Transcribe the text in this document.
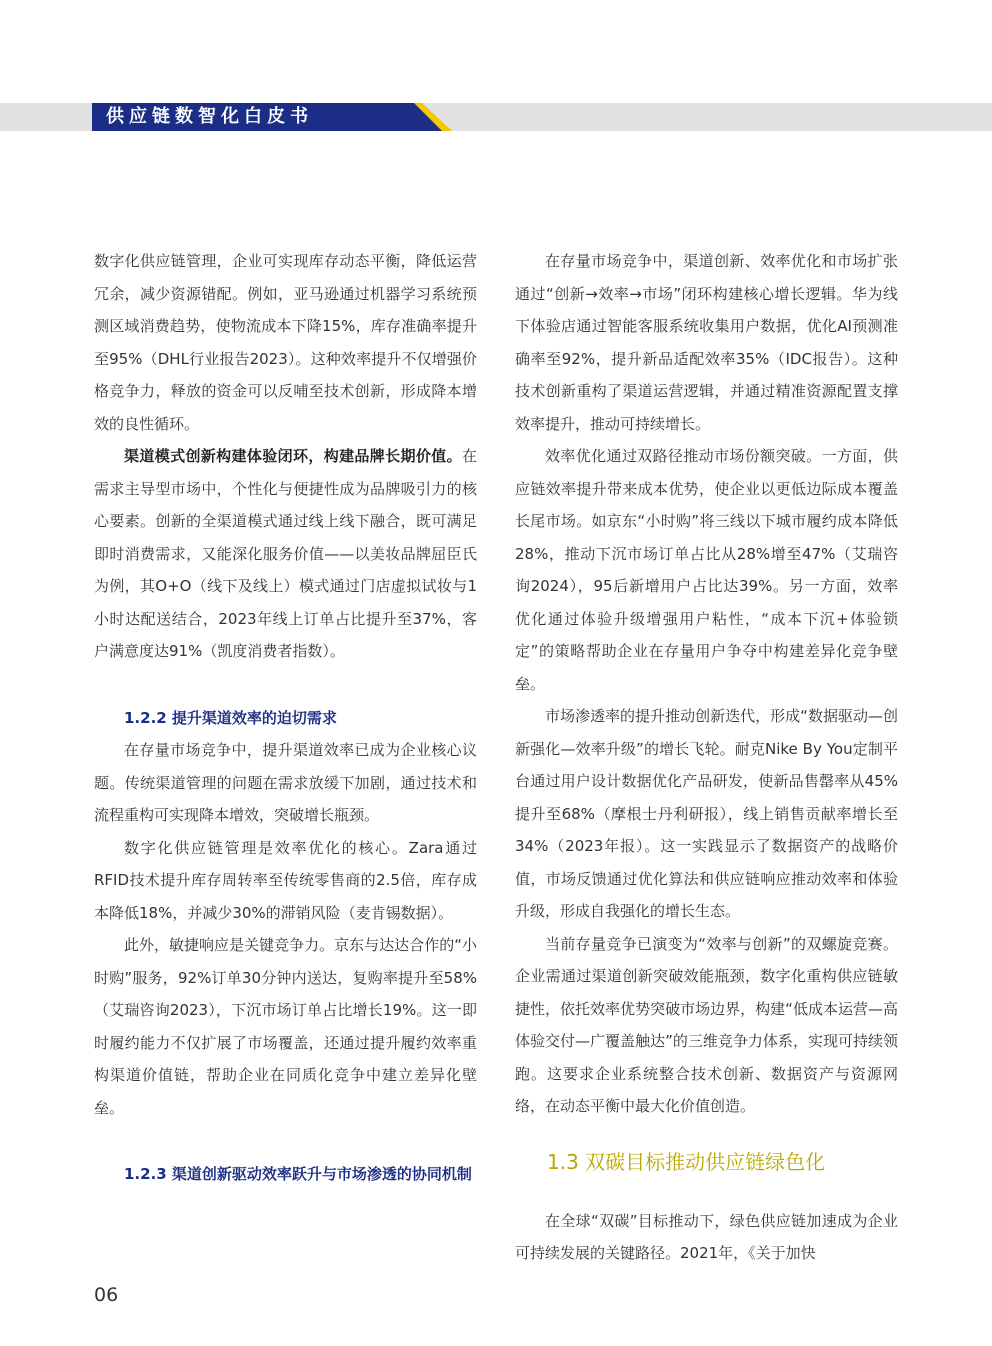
供应链数智化白皮书

数字化供应链管理，企业可实现库存动态平衡，降低运营冗余，减少资源错配。例如，亚马逊通过机器学习系统预测区域消费趋势，使物流成本下降15%，库存准确率提升至95%（DHL行业报告2023）。这种效率提升不仅增强价格竞争力，释放的资金可以反哺至技术创新，形成降本增效的良性循环。

渠道模式创新构建体验闭环，构建品牌长期价值。在需求主导型市场中，个性化与便捷性成为品牌吸引力的核心要素。创新的全渠道模式通过线上线下融合，既可满足即时消费需求，又能深化服务价值——以美妆品牌屈臣氏为例，其O+O（线下及线上）模式通过门店虚拟试妆与1小时达配送结合，2023年线上订单占比提升至37%，客户满意度达91%（凯度消费者指数）。

1.2.2 提升渠道效率的迫切需求

在存量市场竞争中，提升渠道效率已成为企业核心议题。传统渠道管理的问题在需求放缓下加剧，通过技术和流程重构可实现降本增效，突破增长瓶颈。

数字化供应链管理是效率优化的核心。Zara通过RFID技术提升库存周转率至传统零售商的2.5倍，库存成本降低18%，并减少30%的滞销风险（麦肯锡数据）。

此外，敏捷响应是关键竞争力。京东与达达合作的“小时购”服务，92%订单30分钟内送达，复购率提升至58%（艾瑞咨询2023），下沉市场订单占比增长19%。这一即时履约能力不仅扩展了市场覆盖，还通过提升履约效率重构渠道价值链，帮助企业在同质化竞争中建立差异化壁垒。

1.2.3 渠道创新驱动效率跃升与市场渗透的协同机制

在存量市场竞争中，渠道创新、效率优化和市场扩张通过“创新→效率→市场”闭环构建核心增长逻辑。华为线下体验店通过智能客服系统收集用户数据，优化AI预测准确率至92%，提升新品适配效率35%（IDC报告）。这种技术创新重构了渠道运营逻辑，并通过精准资源配置支撑效率提升，推动可持续增长。

效率优化通过双路径推动市场份额突破。一方面，供应链效率提升带来成本优势，使企业以更低边际成本覆盖长尾市场。如京东“小时购”将三线以下城市履约成本降低28%，推动下沉市场订单占比从28%增至47%（艾瑞咨询2024），95后新增用户占比达39%。另一方面，效率优化通过体验升级增强用户粘性，“成本下沉+体验锁定”的策略帮助企业在存量用户争夺中构建差异化竞争壁垒。

市场渗透率的提升推动创新迭代，形成“数据驱动—创新强化—效率升级”的增长飞轮。耐克Nike By You定制平台通过用户设计数据优化产品研发，使新品售罄率从45%提升至68%（摩根士丹利研报），线上销售贡献率增长至34%（2023年报）。这一实践显示了数据资产的战略价值，市场反馈通过优化算法和供应链响应推动效率和体验升级，形成自我强化的增长生态。

当前存量竞争已演变为“效率与创新”的双螺旋竞赛。企业需通过渠道创新突破效能瓶颈，数字化重构供应链敏捷性，依托效率优势突破市场边界，构建“低成本运营—高体验交付—广覆盖触达”的三维竞争力体系，实现可持续领跑。这要求企业系统整合技术创新、数据资产与资源网络，在动态平衡中最大化价值创造。

1.3 双碳目标推动供应链绿色化

在全球“双碳”目标推动下，绿色供应链加速成为企业可持续发展的关键路径。2021年，《关于加快

06
